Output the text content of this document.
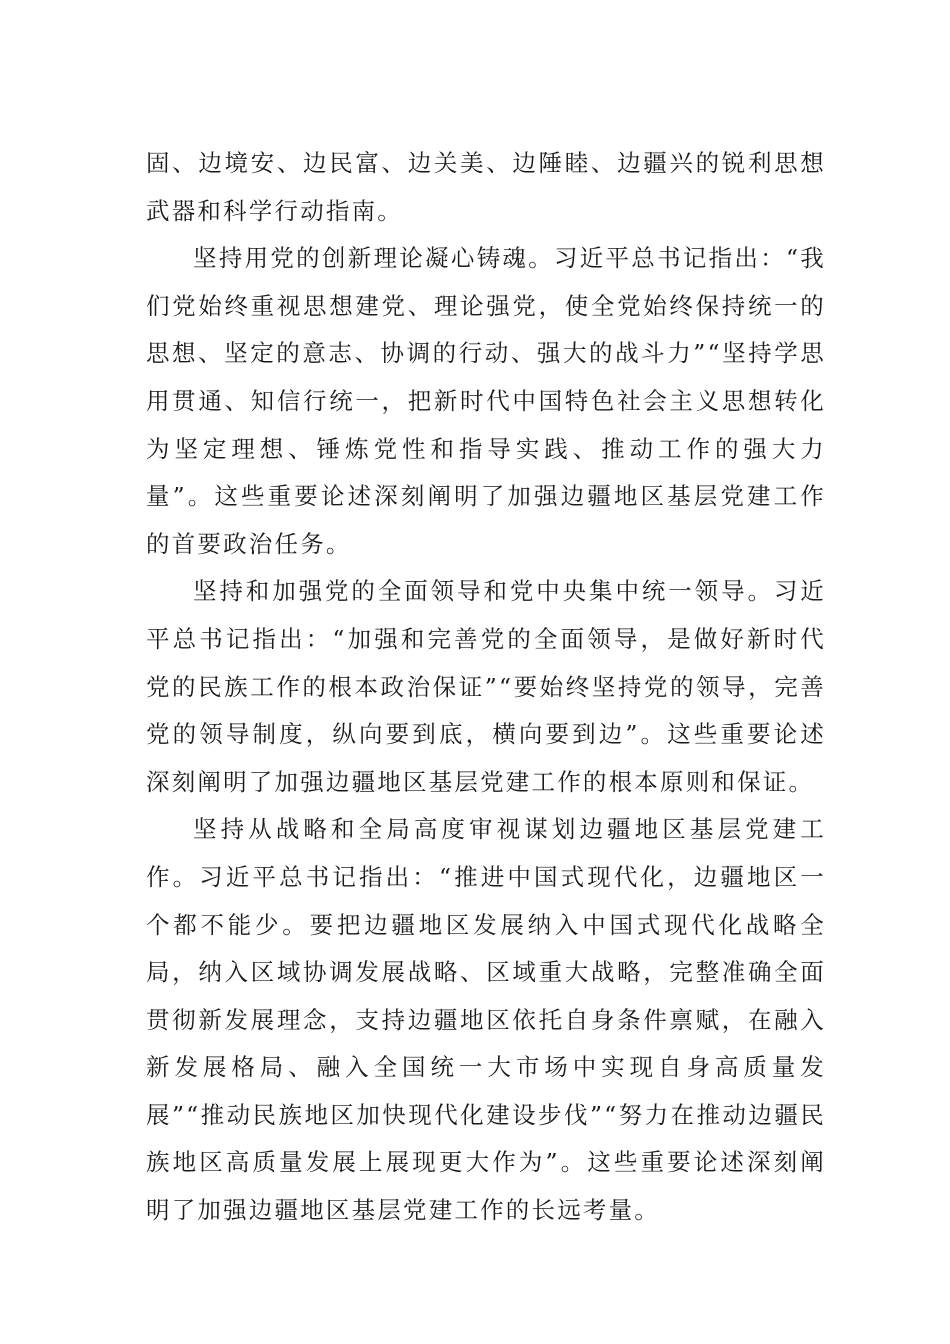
固、边境安、边民富、边关美、边陲睦、边疆兴的锐利思想武器和科学行动指南。

坚持用党的创新理论凝心铸魂。习近平总书记指出：“我们党始终重视思想建党、理论强党，使全党始终保持统一的思想、坚定的意志、协调的行动、强大的战斗力”“坚持学思用贯通、知信行统一，把新时代中国特色社会主义思想转化为坚定理想、锤炼党性和指导实践、推动工作的强大力量”。这些重要论述深刻阐明了加强边疆地区基层党建工作的首要政治任务。

坚持和加强党的全面领导和党中央集中统一领导。习近平总书记指出：“加强和完善党的全面领导，是做好新时代党的民族工作的根本政治保证”“要始终坚持党的领导，完善党的领导制度，纵向要到底，横向要到边”。这些重要论述深刻阐明了加强边疆地区基层党建工作的根本原则和保证。

坚持从战略和全局高度审视谋划边疆地区基层党建工作。习近平总书记指出：“推进中国式现代化，边疆地区一个都不能少。要把边疆地区发展纳入中国式现代化战略全局，纳入区域协调发展战略、区域重大战略，完整准确全面贯彻新发展理念，支持边疆地区依托自身条件禀赋，在融入新发展格局、融入全国统一大市场中实现自身高质量发展”“推动民族地区加快现代化建设步伐”“努力在推动边疆民族地区高质量发展上展现更大作为”。这些重要论述深刻阐明了加强边疆地区基层党建工作的长远考量。
